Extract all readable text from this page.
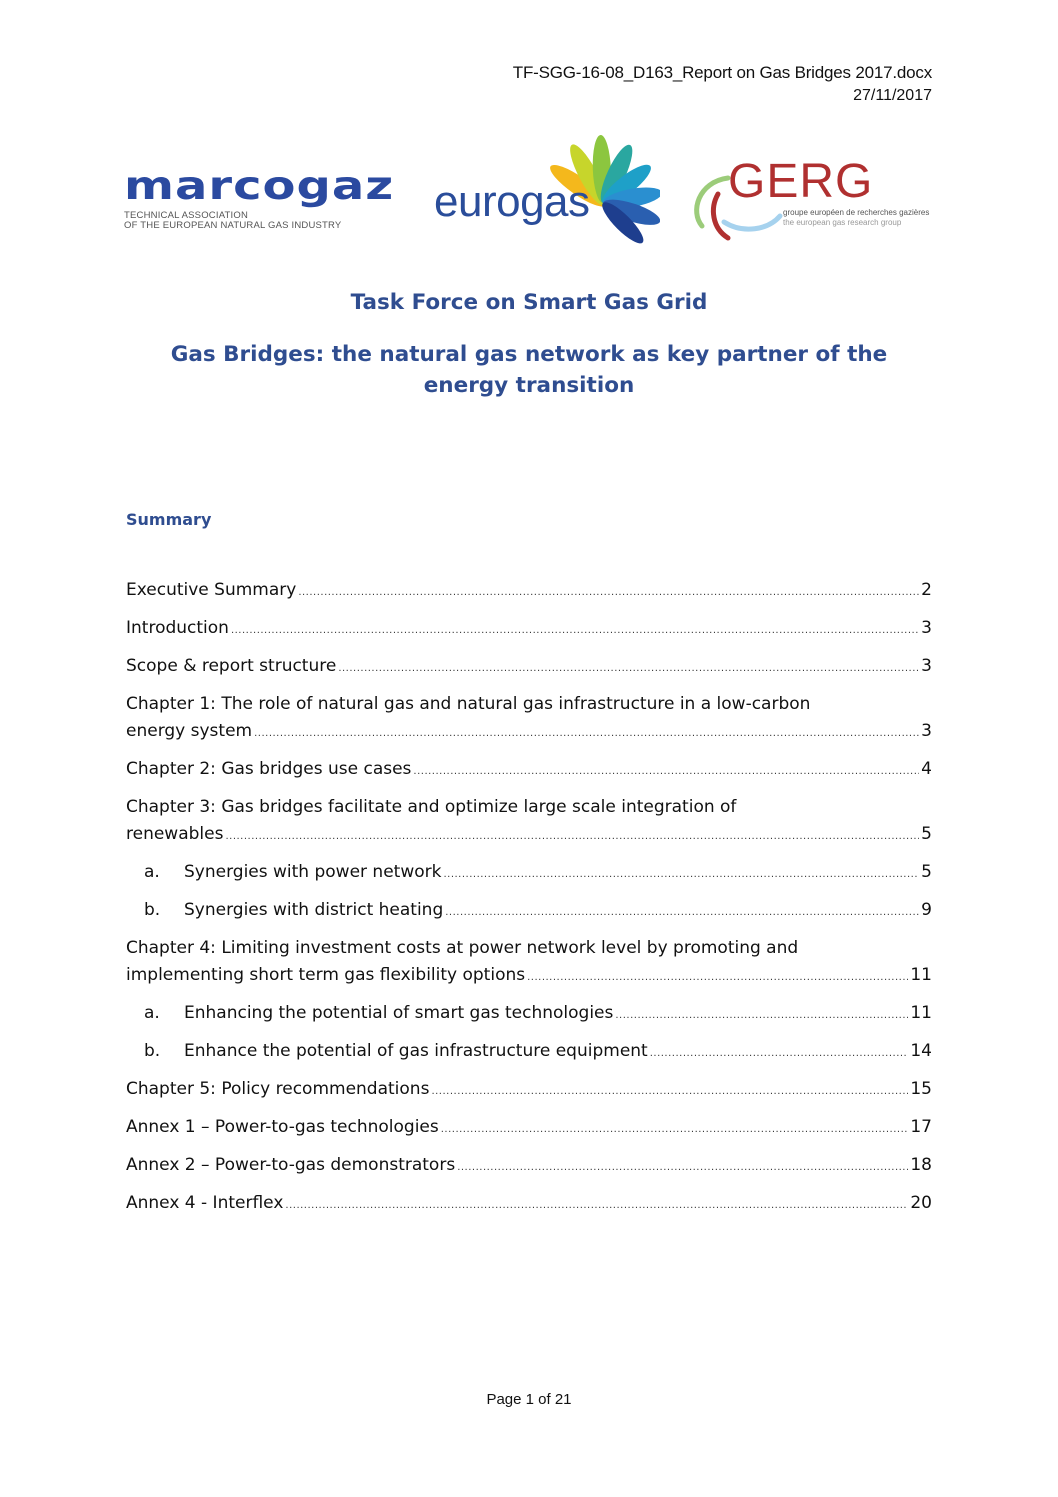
TF-SGG-16-08_D163_Report on Gas Bridges 2017.docx
27/11/2017
marcogaz
TECHNICAL ASSOCIATION
OF THE EUROPEAN NATURAL GAS INDUSTRY	eurogas	GERG
groupe européen de recherches gazières
the european gas research group
Task Force on Smart Gas Grid
Gas Bridges: the natural gas network as key partner of the energy transition
Summary
Executive Summary .....	2
Introduction .....	3
Scope & report structure .....	3
Chapter 1: The role of natural gas and natural gas infrastructure in a low-carbon
energy system .....	3
Chapter 2: Gas bridges use cases .....	4
Chapter 3: Gas bridges facilitate and optimize large scale integration of
renewables .....	5
a.	Synergies with power network .....	5
b.	Synergies with district heating .....	9
Chapter 4: Limiting investment costs at power network level by promoting and
implementing short term gas flexibility options .....	11
a.	Enhancing the potential of smart gas technologies .....	11
b.	Enhance the potential of gas infrastructure equipment .....	14
Chapter 5: Policy recommendations .....	15
Annex 1 – Power-to-gas technologies .....	17
Annex 2 – Power-to-gas demonstrators .....	18
Annex 4 - Interflex .....	20
Page 1 of 21
